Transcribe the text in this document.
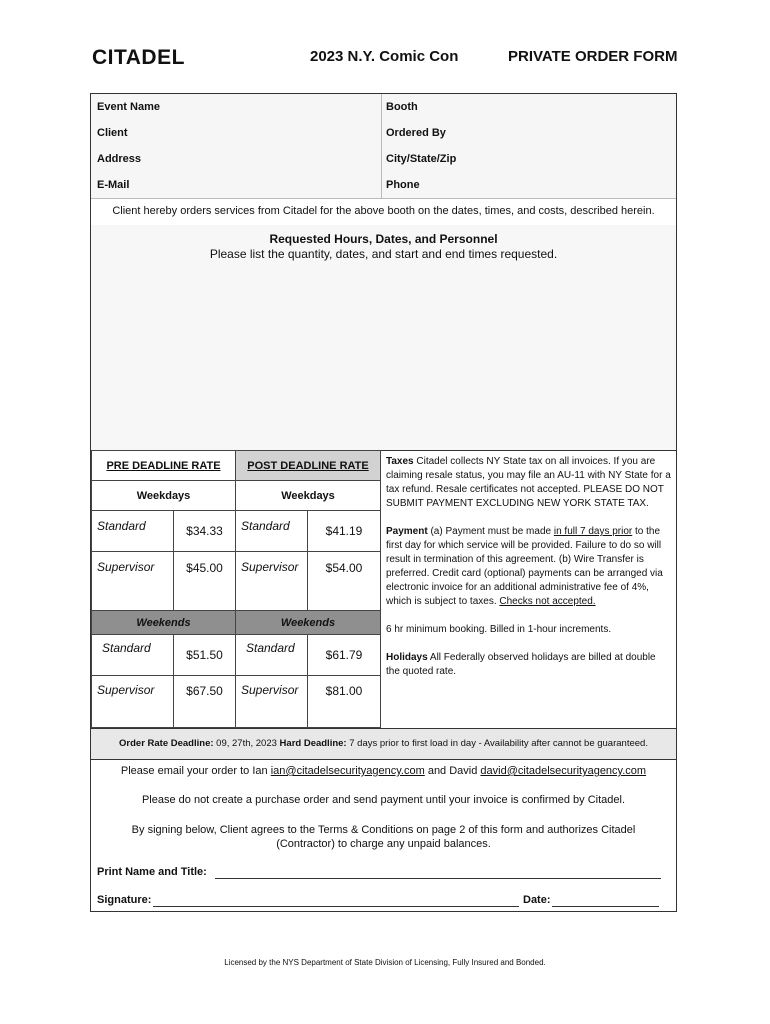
CITADEL	2023 N.Y. Comic Con	PRIVATE ORDER FORM
Event Name	Booth
Client	Ordered By
Address	City/State/Zip
E-Mail	Phone
Client hereby orders services from Citadel for the above booth on the dates, times, and costs, described herein.
Requested Hours, Dates, and Personnel
Please list the quantity, dates, and start and end times requested.
PRE DEADLINE RATE POST DEADLINE RATE
Weekdays	Weekdays
Standard	$34.33	Standard	$41.19
Supervisor	$45.00	Supervisor	$54.00
Weekends	Weekends
Standard	$51.50	Standard	$61.79
Supervisor	$67.50	Supervisor	$81.00
Taxes Citadel collects NY State tax on all invoices. If you are claiming resale status, you may file an AU-11 with NY State for a tax refund. Resale certificates not accepted. PLEASE DO NOT SUBMIT PAYMENT EXCLUDING NEW YORK STATE TAX.
Payment (a) Payment must be made in full 7 days prior to the first day for which service will be provided. Failure to do so will result in termination of this agreement. (b) Wire Transfer is preferred. Credit card (optional) payments can be arranged via electronic invoice for an additional administrative fee of 4%, which is subject to taxes. Checks not accepted.
6 hr minimum booking. Billed in 1-hour increments.
Holidays All Federally observed holidays are billed at double the quoted rate.
Order Rate Deadline: 09, 27th, 2023 Hard Deadline: 7 days prior to first load in day - Availability after cannot be guaranteed.
Please email your order to Ian ian@citadelsecurityagency.com and David david@citadelsecurityagency.com
Please do not create a purchase order and send payment until your invoice is confirmed by Citadel.
By signing below, Client agrees to the Terms & Conditions on page 2 of this form and authorizes Citadel (Contractor) to charge any unpaid balances.
Print Name and Title:
Signature:	Date:
Licensed by the NYS Department of State Division of Licensing, Fully Insured and Bonded.
